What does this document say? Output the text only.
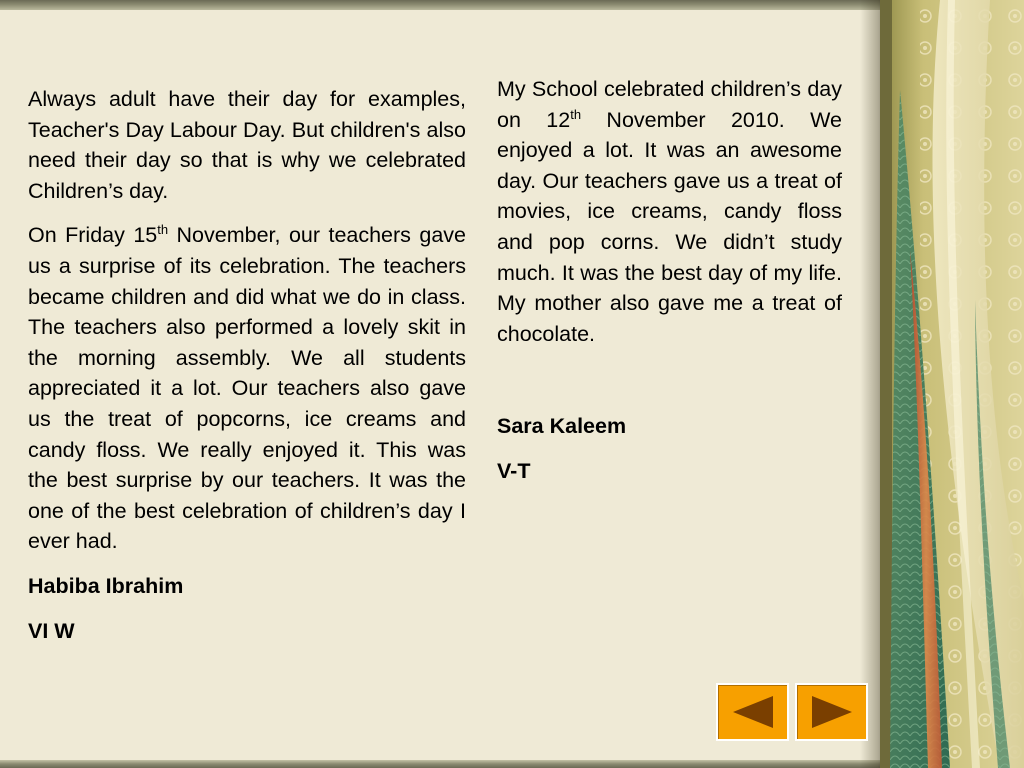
Always adult have their day for examples, Teacher's Day Labour Day. But children's also need their day so that is why we celebrated Children’s day.

On Friday 15th November, our teachers gave us a surprise of its celebration. The teachers became children and did what we do in class. The teachers also performed a lovely skit in the morning assembly. We all students appreciated it a lot. Our teachers also gave us the treat of popcorns, ice creams and candy floss. We really enjoyed it. This was the best surprise by our teachers. It was the one of the best celebration of children’s day I ever had.

Habiba Ibrahim

VI W

My School celebrated children’s day on 12th November 2010. We enjoyed a lot. It was an awesome day. Our teachers gave us a treat of movies, ice creams, candy floss and pop corns. We didn’t study much. It was the best day of my life. My mother also gave me a treat of chocolate.

Sara Kaleem

V-T
